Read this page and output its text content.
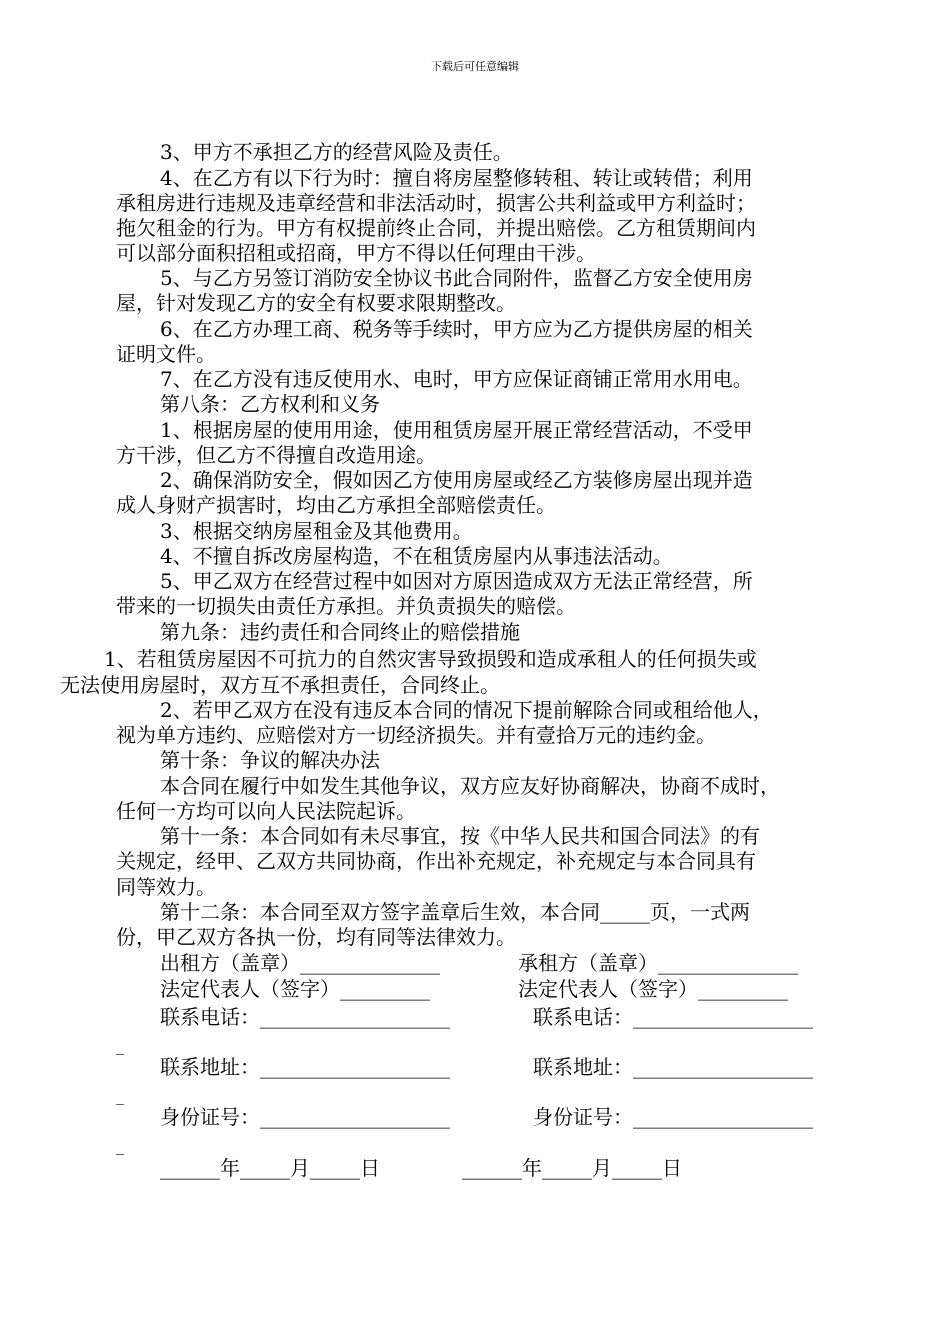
下载后可任意编辑
3、甲方不承担乙方的经营风险及责任。
4、在乙方有以下行为时：擅自将房屋整修转租、转让或转借；利用
承租房进行违规及违章经营和非法活动时，损害公共利益或甲方利益时；
拖欠租金的行为。甲方有权提前终止合同，并提出赔偿。乙方租赁期间内
可以部分面积招租或招商，甲方不得以任何理由干涉。
5、与乙方另签订消防安全协议书此合同附件，监督乙方安全使用房
屋，针对发现乙方的安全有权要求限期整改。
6、在乙方办理工商、税务等手续时，甲方应为乙方提供房屋的相关
证明文件。
7、在乙方没有违反使用水、电时，甲方应保证商铺正常用水用电。
第八条：乙方权利和义务
1、根据房屋的使用用途，使用租赁房屋开展正常经营活动，不受甲
方干涉，但乙方不得擅自改造用途。
2、确保消防安全，假如因乙方使用房屋或经乙方装修房屋出现并造
成人身财产损害时，均由乙方承担全部赔偿责任。
3、根据交纳房屋租金及其他费用。
4、不擅自拆改房屋构造，不在租赁房屋内从事违法活动。
5、甲乙双方在经营过程中如因对方原因造成双方无法正常经营，所
带来的一切损失由责任方承担。并负责损失的赔偿。
第九条：违约责任和合同终止的赔偿措施
1、若租赁房屋因不可抗力的自然灾害导致损毁和造成承租人的任何损失或
无法使用房屋时，双方互不承担责任，合同终止。
2、若甲乙双方在没有违反本合同的情况下提前解除合同或租给他人，
视为单方违约、应赔偿对方一切经济损失。并有壹拾万元的违约金。
第十条：争议的解决办法
本合同在履行中如发生其他争议，双方应友好协商解决，协商不成时，
任何一方均可以向人民法院起诉。
第十一条：本合同如有未尽事宜，按《中华人民共和国合同法》的有
关规定，经甲、乙双方共同协商，作出补充规定，补充规定与本合同具有
同等效力。
第十二条：本合同至双方签字盖章后生效，本合同_____页，一式两
份，甲乙双方各执一份，均有同等法律效力。
出租方（盖章）______________	承租方（盖章）______________
法定代表人（签字）_________	法定代表人（签字）_________
联系电话：___________________	联系电话：__________________
_
联系地址：___________________	联系地址：__________________
_
身份证号：___________________	身份证号：__________________
_
______年_____月_____日	______年_____月_____日
